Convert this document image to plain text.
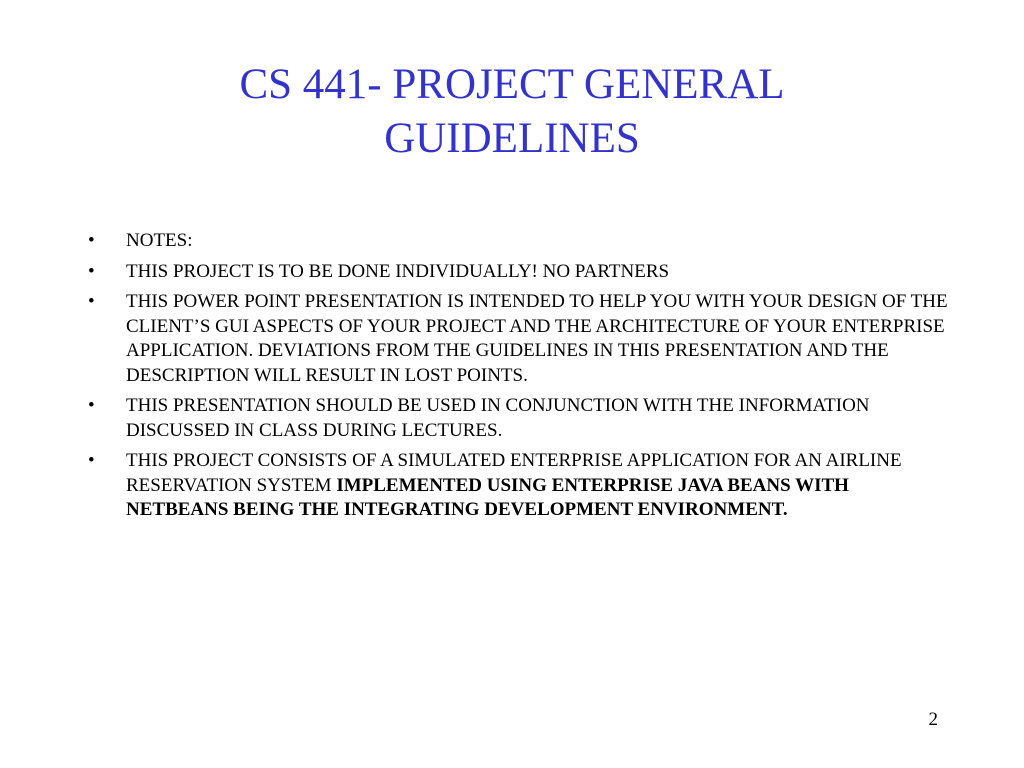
CS 441- PROJECT GENERAL
GUIDELINES
•	NOTES:
•	THIS PROJECT IS TO BE DONE INDIVIDUALLY! NO PARTNERS
•	THIS POWER POINT PRESENTATION IS INTENDED TO HELP YOU WITH YOUR DESIGN OF THE CLIENT’S GUI ASPECTS OF YOUR PROJECT AND THE ARCHITECTURE OF YOUR ENTERPRISE APPLICATION. DEVIATIONS FROM THE GUIDELINES IN THIS PRESENTATION AND THE DESCRIPTION WILL RESULT IN LOST POINTS.
•	THIS PRESENTATION SHOULD BE USED IN CONJUNCTION WITH THE INFORMATION DISCUSSED IN CLASS DURING LECTURES.
•	THIS PROJECT CONSISTS OF A SIMULATED ENTERPRISE APPLICATION FOR AN AIRLINE RESERVATION SYSTEM IMPLEMENTED USING ENTERPRISE JAVA BEANS WITH NETBEANS BEING THE INTEGRATING DEVELOPMENT ENVIRONMENT.
2
